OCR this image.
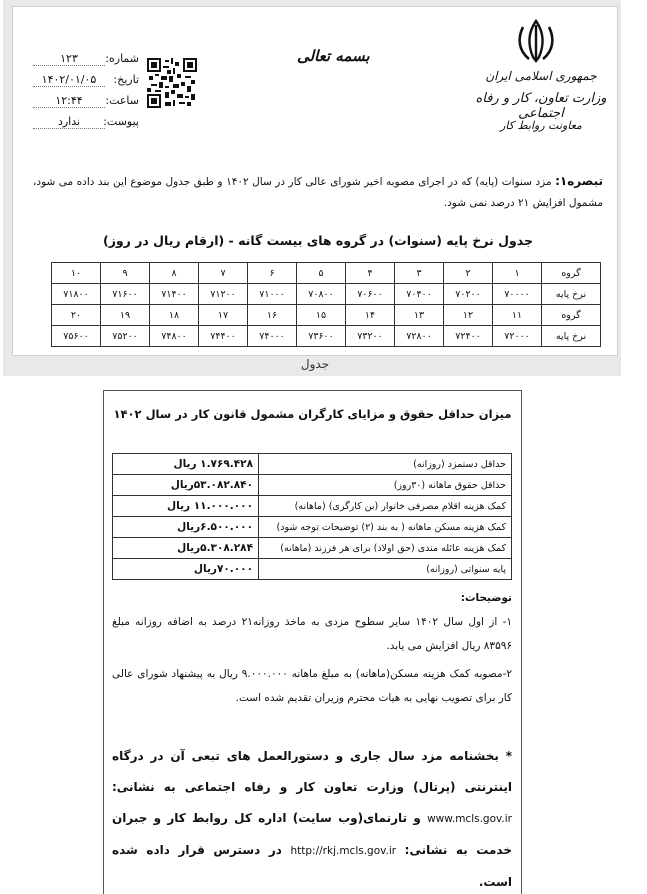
جمهوری اسلامی ایران
وزارت تعاون، کار و رفاه اجتماعی
معاونت روابط کار
بسمه تعالی
شماره:
۱۲۳
تاریخ:
۱۴۰۲/۰۱/۰۵
ساعت:
۱۲:۴۴
پیوست:
ندارد
تبصره۱: مزد سنوات (پایه) که در اجرای مصوبه اخیر شورای عالی کار در سال ۱۴۰۲ و طبق جدول موضوع این بند داده می شود، مشمول افزایش ۲۱ درصد نمی شود.
جدول نرخ پایه (سنوات) در گروه های بیست گانه - (ارقام ریال در روز)
گروه	۱	۲	۳	۴	۵	۶	۷	۸	۹	۱۰
نرخ پایه	۷۰۰۰۰	۷۰۲۰۰	۷۰۴۰۰	۷۰۶۰۰	۷۰۸۰۰	۷۱۰۰۰	۷۱۲۰۰	۷۱۴۰۰	۷۱۶۰۰	۷۱۸۰۰
گروه	۱۱	۱۲	۱۳	۱۴	۱۵	۱۶	۱۷	۱۸	۱۹	۲۰
نرخ پایه	۷۲۰۰۰	۷۲۴۰۰	۷۲۸۰۰	۷۳۲۰۰	۷۳۶۰۰	۷۴۰۰۰	۷۴۴۰۰	۷۴۸۰۰	۷۵۲۰۰	۷۵۶۰۰
جدول
میزان حداقل حقوق و مزایای کارگران مشمول قانون کار در سال ۱۴۰۲
حداقل دستمزد (روزانه)	۱.۷۶۹.۴۲۸ ریال
حداقل حقوق ماهانه (۳۰روز)	۵۳.۰۸۲.۸۴۰ریال
کمک هزینه اقلام مصرفی خانوار (بن کارگری) (ماهانه)	۱۱.۰۰۰.۰۰۰ ریال
کمک هزینه مسکن ماهانه ( به بند (۲) توضیحات توجه شود)	۶.۵۰۰.۰۰۰ریال
کمک هزینه عائله مندی (حق اولاد) برای هر فرزند (ماهانه)	۵.۳۰۸.۲۸۴ریال
پایه سنواتی (روزانه)	۷۰.۰۰۰ریال
توضیحات:
۱- از اول سال ۱۴۰۲ سایر سطوح مزدی به ماخذ روزانه۲۱ درصد به اضافه روزانه مبلغ ۸۳۵۹۶ ریال افزایش می یابد.
۲-مصوبه کمک هزینه مسکن(ماهانه) به مبلغ ماهانه ۹.۰۰۰.۰۰۰ ریال به پیشنهاد شورای عالی کار برای تصویب نهایی به هیات محترم وزیران تقدیم شده است.
* بخشنامه مزد سال جاری و دستورالعمل های تبعی آن در درگاه اینترنتی (پرتال) وزارت تعاون کار و رفاه اجتماعی به نشانی: www.mcls.gov.ir و تارنمای(وب سایت) اداره کل روابط کار و جبران خدمت به نشانی: http://rkj.mcls.gov.ir در دسترس قرار داده شده است.
